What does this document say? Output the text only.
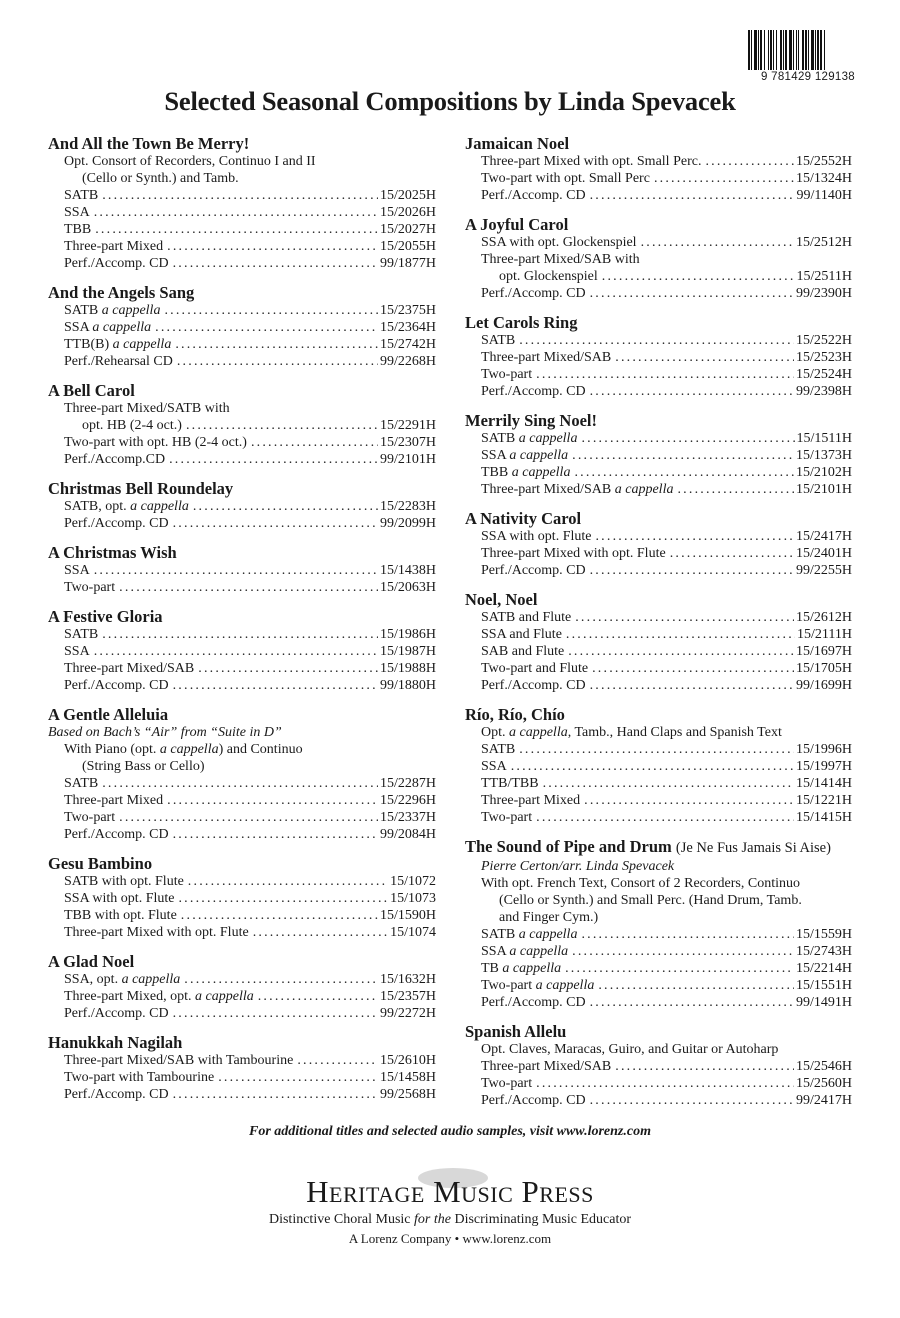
9 781429 129138
Selected Seasonal Compositions by Linda Spevacek
And All the Town Be Merry!
Opt. Consort of Recorders, Continuo I and II
(Cello or Synth.) and Tamb.
SATB .....	15/2025H
SSA .....	15/2026H
TBB .....	15/2027H
Three-part Mixed .....	15/2055H
Perf./Accomp. CD .....	99/1877H
And the Angels Sang
SATB a cappella .....	15/2375H
SSA a cappella .....	15/2364H
TTB(B) a cappella .....	15/2742H
Perf./Rehearsal CD .....	99/2268H
A Bell Carol
Three-part Mixed/SATB with
opt. HB (2-4 oct.) .....	15/2291H
Two-part with opt. HB (2-4 oct.) .....	15/2307H
Perf./Accomp.CD .....	99/2101H
Christmas Bell Roundelay
SATB, opt. a cappella .....	15/2283H
Perf./Accomp. CD .....	99/2099H
A Christmas Wish
SSA .....	15/1438H
Two-part .....	15/2063H
A Festive Gloria
SATB .....	15/1986H
SSA .....	15/1987H
Three-part Mixed/SAB .....	15/1988H
Perf./Accomp. CD .....	99/1880H
A Gentle Alleluia
Based on Bach’s “Air” from “Suite in D”
With Piano (opt. a cappella) and Continuo
(String Bass or Cello)
SATB .....	15/2287H
Three-part Mixed .....	15/2296H
Two-part .....	15/2337H
Perf./Accomp. CD .....	99/2084H
Gesu Bambino
SATB with opt. Flute .....	15/1072
SSA with opt. Flute .....	15/1073
TBB with opt. Flute .....	15/1590H
Three-part Mixed with opt. Flute .....	15/1074
A Glad Noel
SSA, opt. a cappella .....	15/1632H
Three-part Mixed, opt. a cappella .....	15/2357H
Perf./Accomp. CD .....	99/2272H
Hanukkah Nagilah
Three-part Mixed/SAB with Tambourine .....	15/2610H
Two-part with Tambourine .....	15/1458H
Perf./Accomp. CD .....	99/2568H
Jamaican Noel
Three-part Mixed with opt. Small Perc. .....	15/2552H
Two-part with opt. Small Perc .....	15/1324H
Perf./Accomp. CD .....	99/1140H
A Joyful Carol
SSA with opt. Glockenspiel .....	15/2512H
Three-part Mixed/SAB with
opt. Glockenspiel .....	15/2511H
Perf./Accomp. CD .....	99/2390H
Let Carols Ring
SATB .....	15/2522H
Three-part Mixed/SAB .....	15/2523H
Two-part .....	15/2524H
Perf./Accomp. CD .....	99/2398H
Merrily Sing Noel!
SATB a cappella .....	15/1511H
SSA a cappella .....	15/1373H
TBB a cappella .....	15/2102H
Three-part Mixed/SAB a cappella .....	15/2101H
A Nativity Carol
SSA with opt. Flute .....	15/2417H
Three-part Mixed with opt. Flute .....	15/2401H
Perf./Accomp. CD .....	99/2255H
Noel, Noel
SATB and Flute .....	15/2612H
SSA and Flute .....	15/2111H
SAB and Flute .....	15/1697H
Two-part and Flute .....	15/1705H
Perf./Accomp. CD .....	99/1699H
Río, Río, Chío
Opt. a cappella, Tamb., Hand Claps and Spanish Text
SATB .....	15/1996H
SSA .....	15/1997H
TTB/TBB .....	15/1414H
Three-part Mixed .....	15/1221H
Two-part .....	15/1415H
The Sound of Pipe and Drum (Je Ne Fus Jamais Si Aise)
Pierre Certon/arr. Linda Spevacek
With opt. French Text, Consort of 2 Recorders, Continuo
(Cello or Synth.) and Small Perc. (Hand Drum, Tamb.
and Finger Cym.)
SATB a cappella .....	15/1559H
SSA a cappella .....	15/2743H
TB a cappella .....	15/2214H
Two-part a cappella .....	15/1551H
Perf./Accomp. CD .....	99/1491H
Spanish Allelu
Opt. Claves, Maracas, Guiro, and Guitar or Autoharp
Three-part Mixed/SAB .....	15/2546H
Two-part .....	15/2560H
Perf./Accomp. CD .....	99/2417H
For additional titles and selected audio samples, visit www.lorenz.com
Heritage Music Press
Distinctive Choral Music for the Discriminating Music Educator
A Lorenz Company • www.lorenz.com
